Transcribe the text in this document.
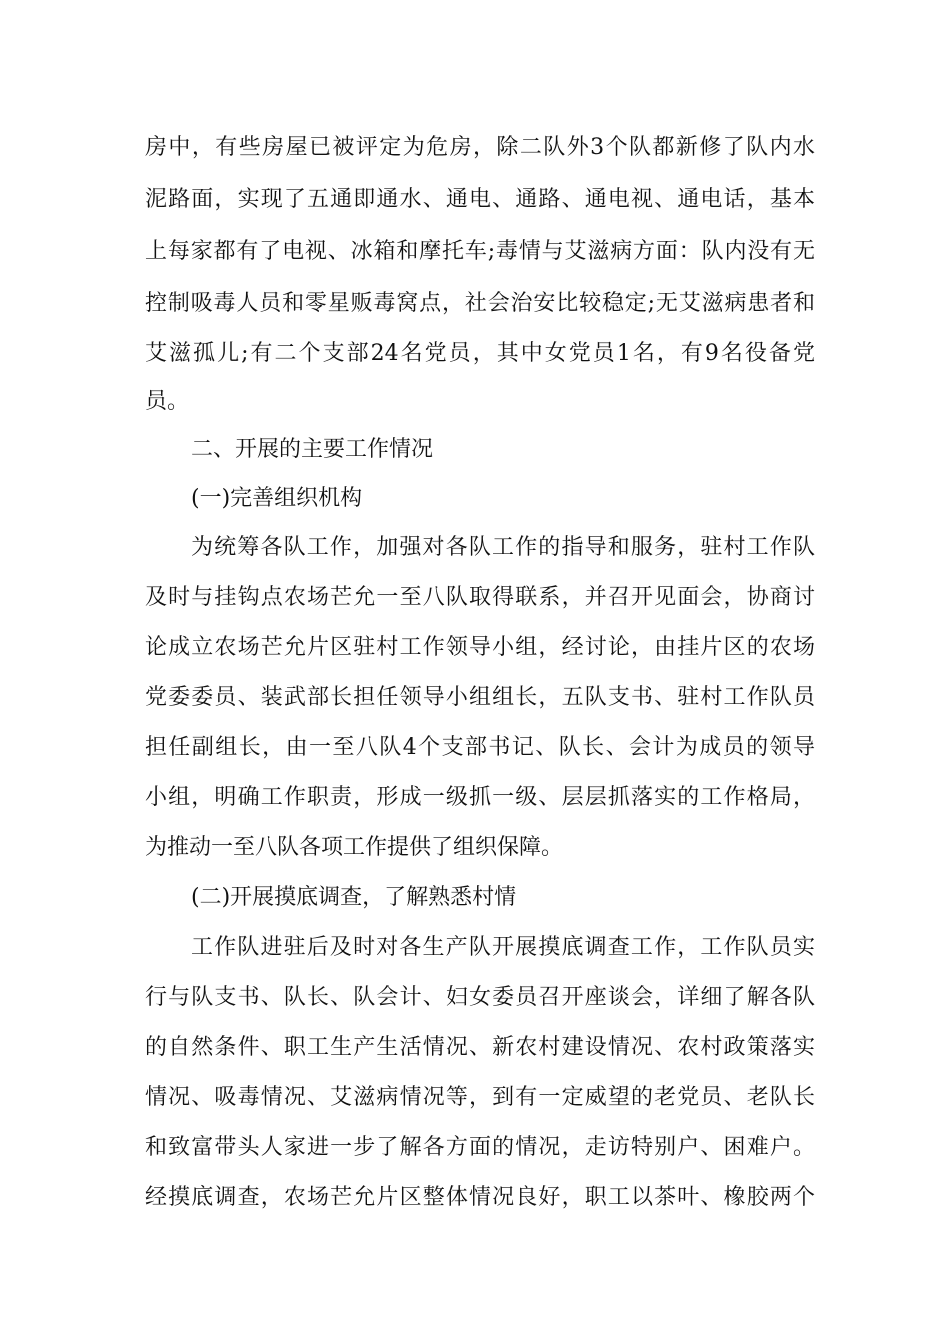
房中，有些房屋已被评定为危房，除二队外3个队都新修了队内水
泥路面，实现了五通即通水、通电、通路、通电视、通电话，基本
上每家都有了电视、冰箱和摩托车;毒情与艾滋病方面：队内没有无
控制吸毒人员和零星贩毒窝点，社会治安比较稳定;无艾滋病患者和
艾滋孤儿;有二个支部24名党员，其中女党员1名，有9名役备党
员。
二、开展的主要工作情况
(一)完善组织机构
为统筹各队工作，加强对各队工作的指导和服务，驻村工作队
及时与挂钩点农场芒允一至八队取得联系，并召开见面会，协商讨
论成立农场芒允片区驻村工作领导小组，经讨论，由挂片区的农场
党委委员、装武部长担任领导小组组长，五队支书、驻村工作队员
担任副组长，由一至八队4个支部书记、队长、会计为成员的领导
小组，明确工作职责，形成一级抓一级、层层抓落实的工作格局，
为推动一至八队各项工作提供了组织保障。
(二)开展摸底调查，了解熟悉村情
工作队进驻后及时对各生产队开展摸底调查工作，工作队员实
行与队支书、队长、队会计、妇女委员召开座谈会，详细了解各队
的自然条件、职工生产生活情况、新农村建设情况、农村政策落实
情况、吸毒情况、艾滋病情况等，到有一定威望的老党员、老队长
和致富带头人家进一步了解各方面的情况，走访特别户、困难户。
经摸底调查，农场芒允片区整体情况良好，职工以茶叶、橡胶两个
